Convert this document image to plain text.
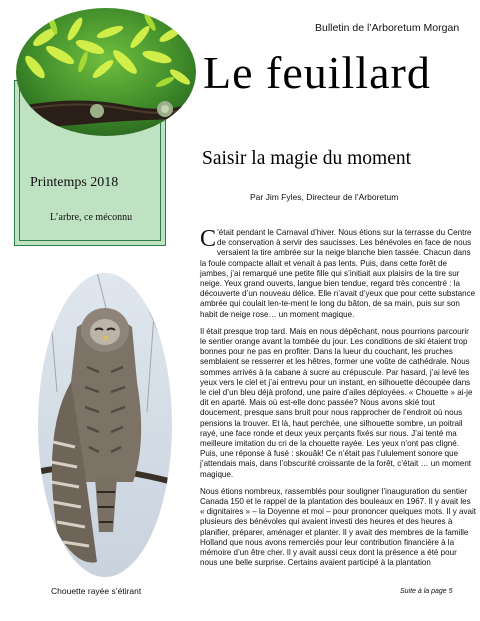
Printemps 2018
L’arbre, ce méconnu
Bulletin de l’Arboretum Morgan
Le feuillard
Saisir la magie du moment
Par Jim Fyles, Directeur de l’Arboretum

C ’était pendant le Carnaval d’hiver. Nous étions sur la terrasse du Centre de conservation à servir des saucisses. Les bénévoles en face de nous versaient la tire ambrée sur la neige blanche bien tassée. Chacun dans la foule compacte allait et venait à pas lents. Puis, dans cette forêt de jambes, j’ai remarqué une petite fille qui s’initiait aux plaisirs de la tire sur neige. Yeux grand ouverts, langue bien tendue, regard très concentré : la découverte d’un nouveau délice. Elle n’avait d’yeux que pour cette substance ambrée qui coulait len-te-ment le long du bâton, de sa main, puis sur son habit de neige rose… un moment magique.

Il était presque trop tard. Mais en nous dépêchant, nous pourrions parcourir le sentier orange avant la tombée du jour. Les conditions de ski étaient trop bonnes pour ne pas en profiter. Dans la lueur du couchant, les pruches semblaient se resserrer et les hêtres, former une voûte de cathédrale. Nous sommes arrivés à la cabane à sucre au crépuscule. Par hasard, j’ai levé les yeux vers le ciel et j’ai entrevu pour un instant, en silhouette découpée dans le ciel d’un bleu déjà profond, une paire d’ailes déployées. « Chouette » ai-je dit en aparté. Mais où est-elle donc passée? Nous avons skié tout doucement, presque sans bruit pour nous rapprocher de l’endroit où nous pensions la trouver. Et là, haut perchée, une silhouette sombre, un poitrail rayé, une face ronde et deux yeux perçants fixés sur nous. J’ai tenté ma meilleure imitation du cri de la chouette rayée. Les yeux n’ont pas cligné. Puis, une réponse à fusé : skouâk! Ce n’était pas l’ululement sonore que j’attendais mais, dans l’obscurité croissante de la forêt, c’était … un moment magique.

Nous étions nombreux, rassemblés pour souligner l’inauguration du sentier Canada 150 et le rappel de la plantation des bouleaux en 1967. Il y avait les « dignitaires » – la Doyenne et moi – pour prononcer quelques mots. Il y avait plusieurs des bénévoles qui avaient investi des heures et des heures à planifier, préparer, aménager et planter. Il y avait des membres de la famille Holland que nous avons remerciés pour leur contribution financière à la mémoire d’un être cher. Il y avait aussi ceux dont la présence a été pour nous une belle surprise. Certains avaient participé à la plantation

Chouette rayée s’étirant	Suite à la page 5
